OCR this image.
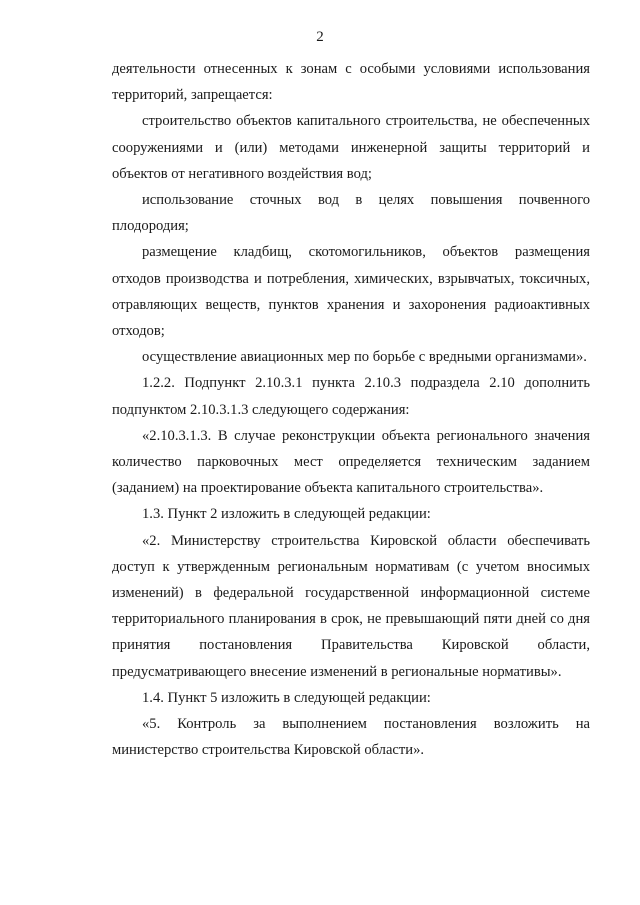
2

деятельности отнесенных к зонам с особыми условиями использования территорий, запрещается:

строительство объектов капитального строительства, не обеспеченных сооружениями и (или) методами инженерной защиты территорий и объектов от негативного воздействия вод;

использование сточных вод в целях повышения почвенного плодородия;

размещение кладбищ, скотомогильников, объектов размещения отходов производства и потребления, химических, взрывчатых, токсичных, отравляющих веществ, пунктов хранения и захоронения радиоактивных отходов;

осуществление авиационных мер по борьбе с вредными организмами».

1.2.2. Подпункт 2.10.3.1 пункта 2.10.3 подраздела 2.10 дополнить подпунктом 2.10.3.1.3 следующего содержания:

«2.10.3.1.3. В случае реконструкции объекта регионального значения количество парковочных мест определяется техническим заданием (заданием) на проектирование объекта капитального строительства».

1.3. Пункт 2 изложить в следующей редакции:

«2. Министерству строительства Кировской области обеспечивать доступ к утвержденным региональным нормативам (с учетом вносимых изменений) в федеральной государственной информационной системе территориального планирования в срок, не превышающий пяти дней со дня принятия постановления Правительства Кировской области, предусматривающего внесение изменений в региональные нормативы».

1.4. Пункт 5 изложить в следующей редакции:

«5. Контроль за выполнением постановления возложить на министерство строительства Кировской области».
